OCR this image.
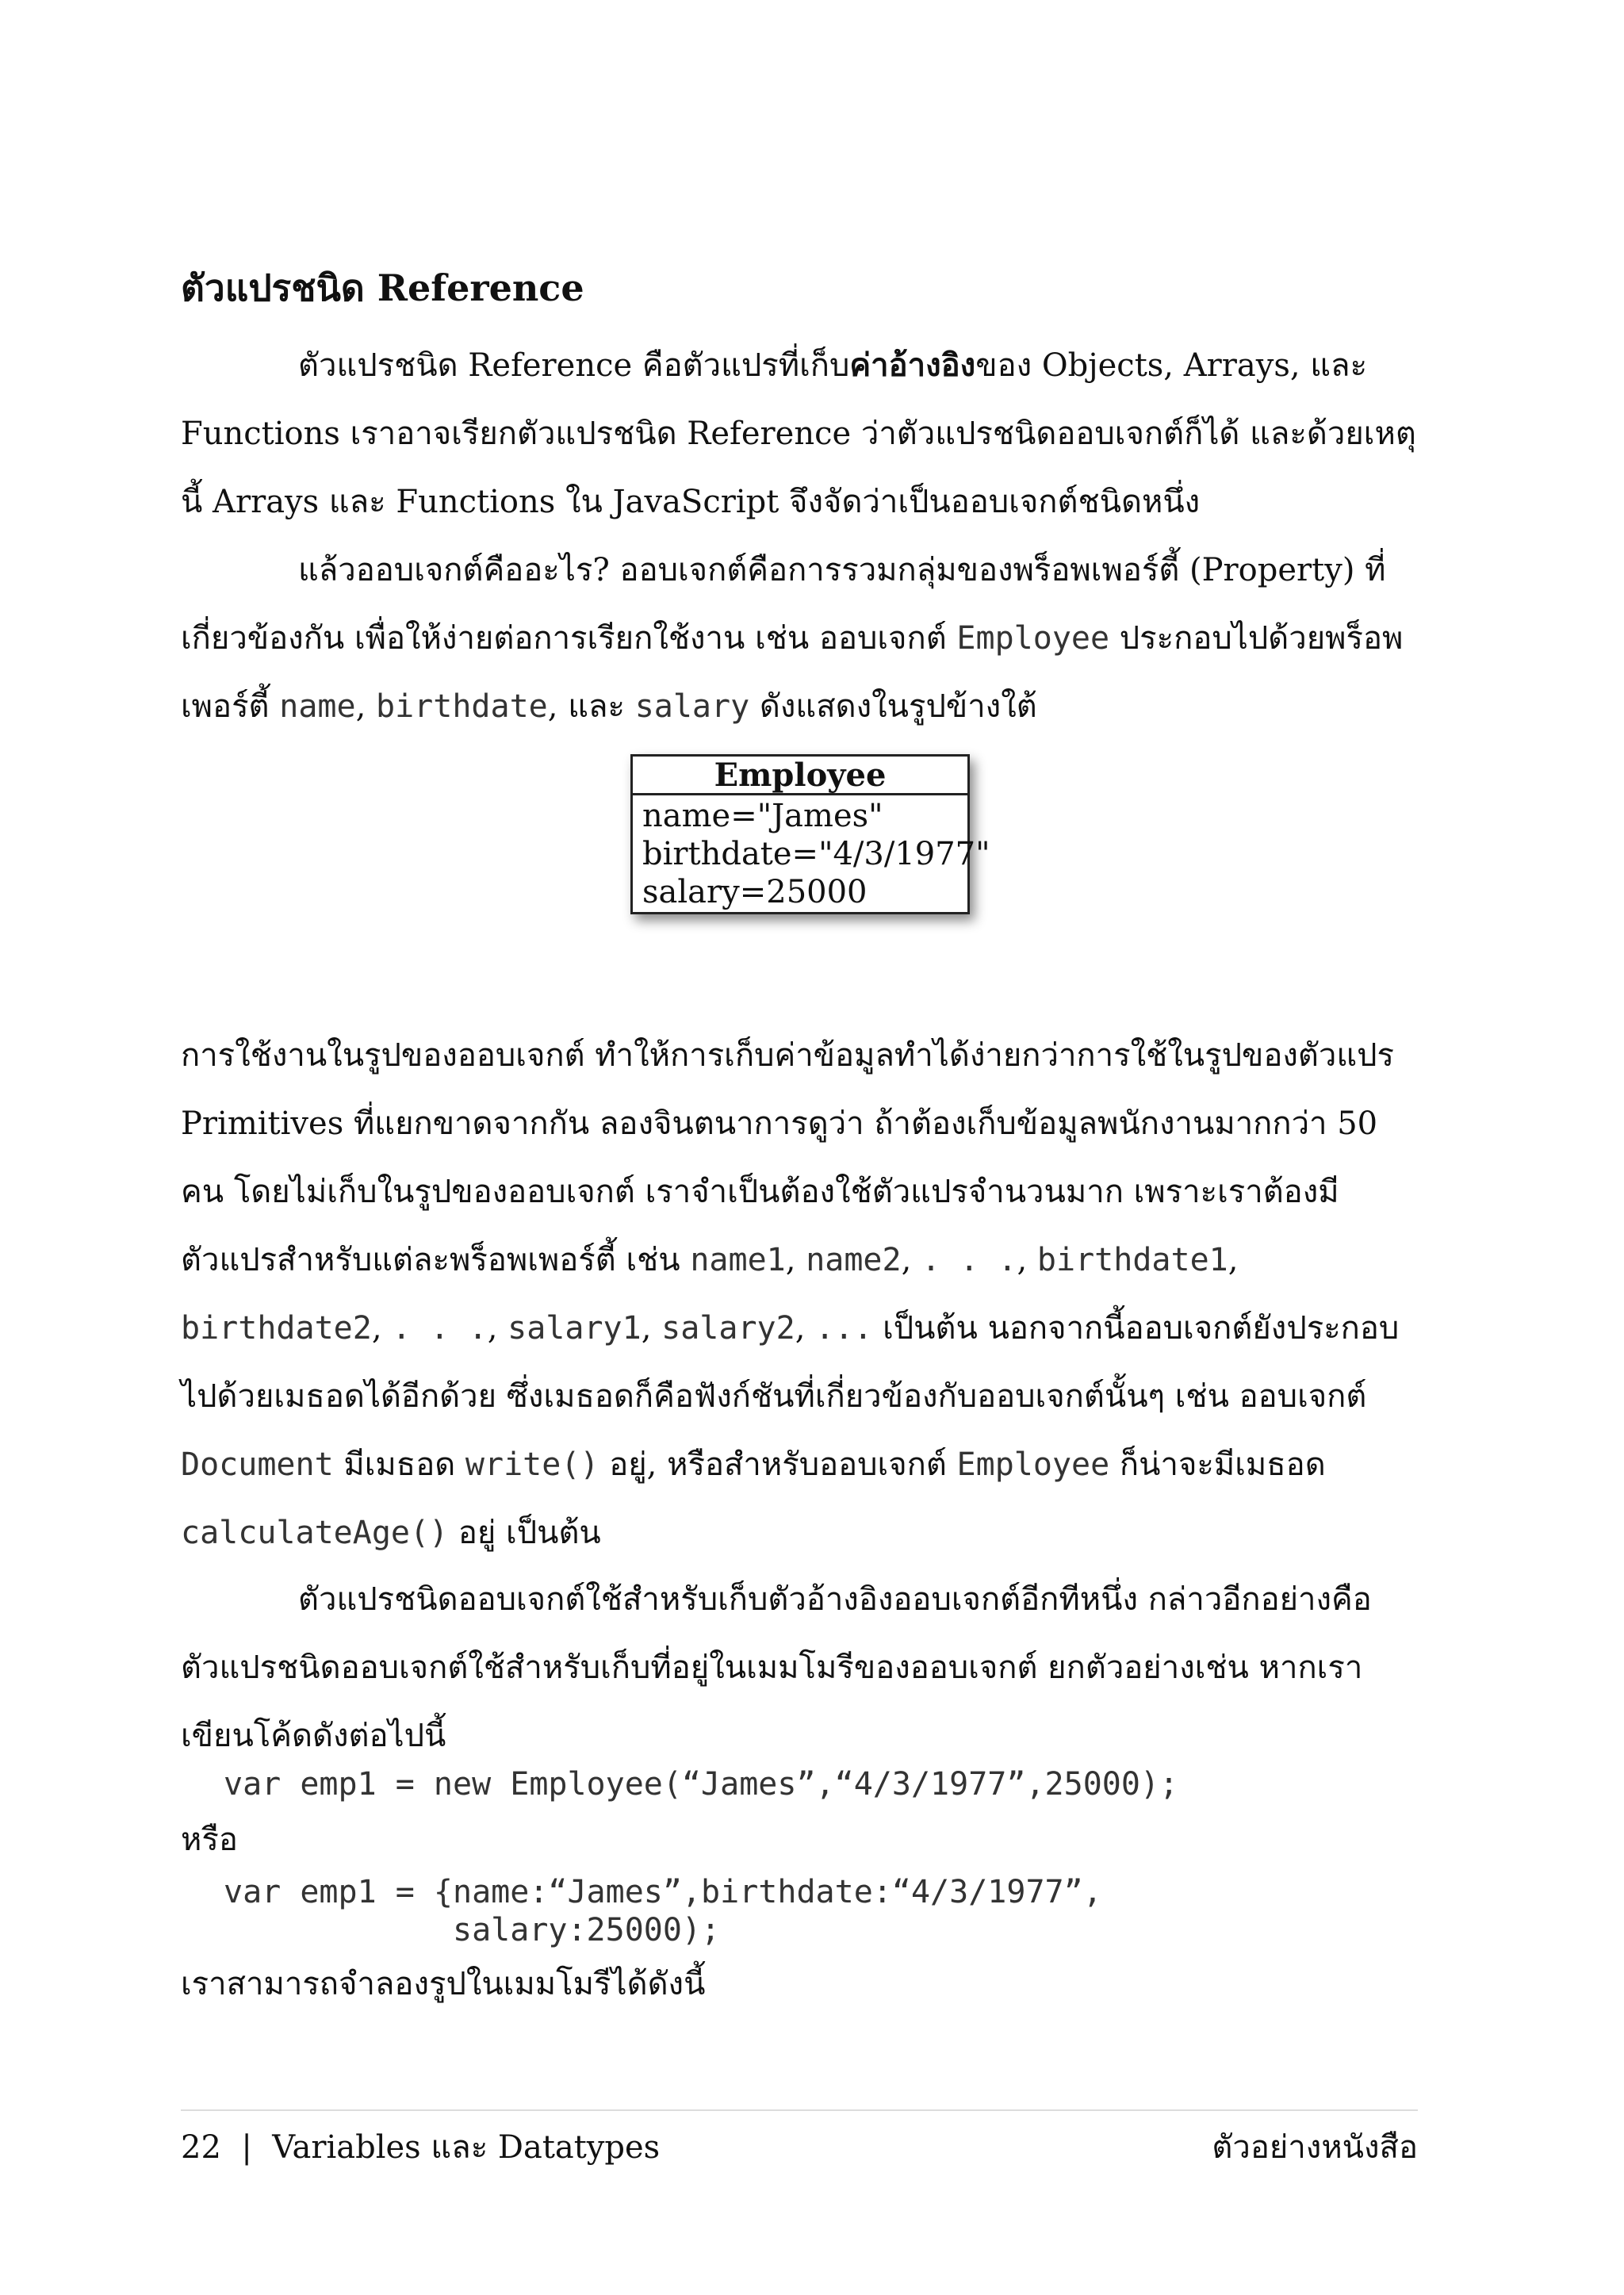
ตัวแปรชนิด Reference

ตัวแปรชนิด Reference คือตัวแปรที่เก็บค่าอ้างอิงของ Objects, Arrays, และ Functions เราอาจเรียกตัวแปรชนิด Reference ว่าตัวแปรชนิดออบเจกต์ก็ได้ และด้วยเหตุนี้ Arrays และ Functions ใน JavaScript จึงจัดว่าเป็นออบเจกต์ชนิดหนึ่ง

แล้วออบเจกต์คืออะไร? ออบเจกต์คือการรวมกลุ่มของพร็อพเพอร์ตี้ (Property) ที่เกี่ยวข้องกัน เพื่อให้ง่ายต่อการเรียกใช้งาน เช่น ออบเจกต์ Employee ประกอบไปด้วยพร็อพเพอร์ตี้ name, birthdate, และ salary ดังแสดงในรูปข้างใต้

Employee
name="James"
birthdate="4/3/1977"
salary=25000

การใช้งานในรูปของออบเจกต์ ทำให้การเก็บค่าข้อมูลทำได้ง่ายกว่าการใช้ในรูปของตัวแปร Primitives ที่แยกขาดจากกัน ลองจินตนาการดูว่า ถ้าต้องเก็บข้อมูลพนักงานมากกว่า 50 คน โดยไม่เก็บในรูปของออบเจกต์ เราจำเป็นต้องใช้ตัวแปรจำนวนมาก เพราะเราต้องมีตัวแปรสำหรับแต่ละพร็อพเพอร์ตี้ เช่น name1, name2, . . ., birthdate1, birthdate2, . . ., salary1, salary2, ... เป็นต้น นอกจากนี้ออบเจกต์ยังประกอบไปด้วยเมธอดได้อีกด้วย ซึ่งเมธอดก็คือฟังก์ชันที่เกี่ยวข้องกับออบเจกต์นั้นๆ เช่น ออบเจกต์ Document มีเมธอด write() อยู่, หรือสำหรับออบเจกต์ Employee ก็น่าจะมีเมธอด calculateAge() อยู่ เป็นต้น

ตัวแปรชนิดออบเจกต์ใช้สำหรับเก็บตัวอ้างอิงออบเจกต์อีกทีหนึ่ง กล่าวอีกอย่างคือ ตัวแปรชนิดออบเจกต์ใช้สำหรับเก็บที่อยู่ในเมมโมรีของออบเจกต์ ยกตัวอย่างเช่น หากเราเขียนโค้ดดังต่อไปนี้

var emp1 = new Employee(“James”,“4/3/1977”,25000);
หรือ
var emp1 = {name:“James”,birthdate:“4/3/1977”,
salary:25000);
เราสามารถจำลองรูปในเมมโมรีได้ดังนี้
22 | Variables และ Datatypes	ตัวอย่างหนังสือ
